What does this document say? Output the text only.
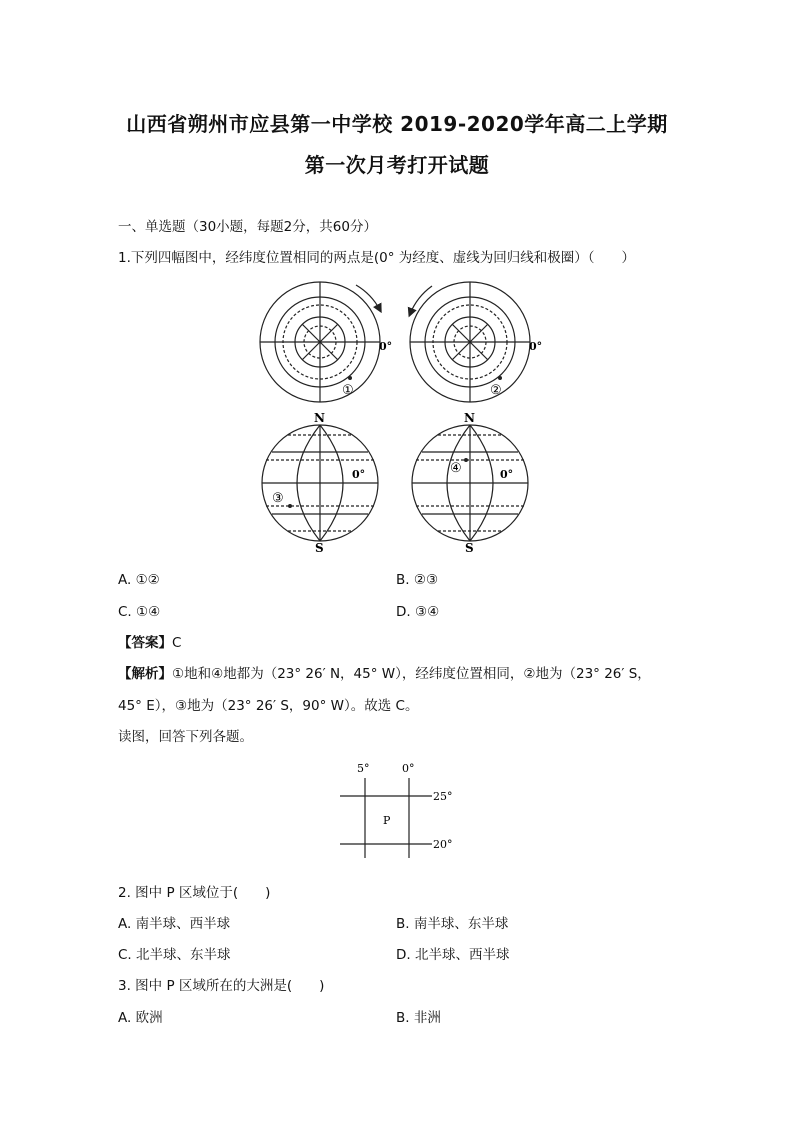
山西省朔州市应县第一中学校 2019-2020学年高二上学期
第一次月考打开试题
一、单选题（30小题，每题2分，共60分）
1.下列四幅图中，经纬度位置相同的两点是(0° 为经度、虚线为回归线和极圈）（　　）
①
0°
②
0°
N
③
0°
S
N
④	0°
S
A. ①②	B. ②③
C. ①④	D. ③④
【答案】C
【解析】①地和④地都为（23° 26′ N，45° W），经纬度位置相同，②地为（23° 26′ S，
45° E），③地为（23° 26′ S，90° W）。故选 C。
读图，回答下列各题。
5°	0°
25°
20°
P
2. 图中 P 区域位于(　　)
A. 南半球、西半球	B. 南半球、东半球
C. 北半球、东半球	D. 北半球、西半球
3. 图中 P 区域所在的大洲是(　　)
A. 欧洲	B. 非洲
